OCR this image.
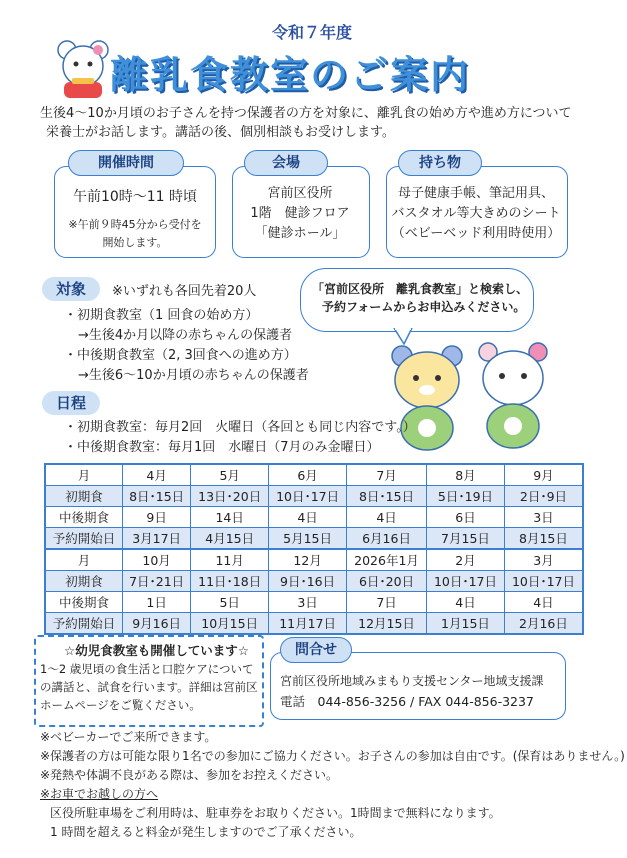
令和７年度
離乳食教室のご案内
生後4～10か月頃のお子さんを持つ保護者の方を対象に、離乳食の始め方や進め方について
栄養士がお話します。講話の後、個別相談もお受けします。
開催時間
午前10時～11 時頃
※午前９時45分から受付を
開始します。
会場
宮前区役所
1階　健診フロア
「健診ホール」
持ち物
母子健康手帳、筆記用具、
バスタオル等大きめのシート
（ベビーベッド利用時使用）
「宮前区役所　離乳食教室」と検索し、
予約フォームからお申込みください。
対象	※いずれも各回先着20人
・初期食教室（1 回食の始め方）
→生後4か月以降の赤ちゃんの保護者
・中後期食教室（2, 3回食への進め方）
→生後6～10か月頃の赤ちゃんの保護者
日程
・初期食教室：毎月2回　火曜日（各回とも同じ内容です。）
・中後期食教室：毎月1回　水曜日（7月のみ金曜日）
月	4月	5月	6月	7月	8月	9月
初期食	8日･15日	13日･20日	10日･17日	8日･15日	5日･19日	2日･9日
中後期食	9日	14日	4日	4日	6日	3日
予約開始日	3月17日	4月15日	5月15日	6月16日	7月15日	8月15日
月	10月	11月	12月	2026年1月	2月	3月
初期食	7日･21日	11日･18日	9日･16日	6日･20日	10日･17日	10日･17日
中後期食	1日	5日	3日	7日	4日	4日
予約開始日	9月16日	10月15日	11月17日	12月15日	1月15日	2月16日
☆幼児食教室も開催しています☆
1～2 歳児頃の食生活と口腔ケアについて
の講話と、試食を行います。詳細は宮前区
ホームページをご覧ください。
問合せ
宮前区役所地域みまもり支援センター地域支援課
電話　044-856-3256 / FAX 044-856-3237
※ベビーカーでご来所できます。
※保護者の方は可能な限り1名での参加にご協力ください。お子さんの参加は自由です。(保育はありません。)
※発熱や体調不良がある際は、参加をお控えください。
※お車でお越しの方へ
区役所駐車場をご利用時は、駐車券をお取りください。1時間まで無料になります。
1 時間を超えると料金が発生しますのでご了承ください。
